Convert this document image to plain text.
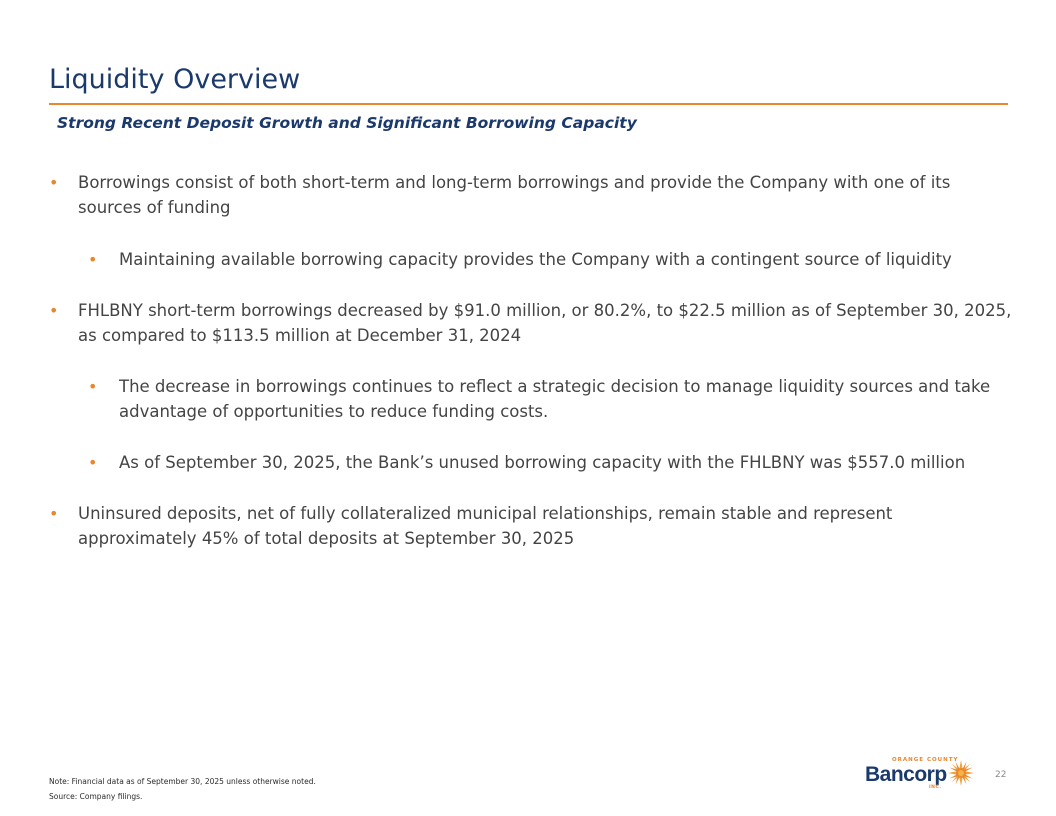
Liquidity Overview

Strong Recent Deposit Growth and Significant Borrowing Capacity

• Borrowings consist of both short-term and long-term borrowings and provide the Company with one of its sources of funding
• Maintaining available borrowing capacity provides the Company with a contingent source of liquidity
• FHLBNY short-term borrowings decreased by $91.0 million, or 80.2%, to $22.5 million as of September 30, 2025, as compared to $113.5 million at December 31, 2024
• The decrease in borrowings continues to reflect a strategic decision to manage liquidity sources and take advantage of opportunities to reduce funding costs.
• As of September 30, 2025, the Bank’s unused borrowing capacity with the FHLBNY was $557.0 million
• Uninsured deposits, net of fully collateralized municipal relationships, remain stable and represent approximately 45% of total deposits at September 30, 2025

Note: Financial data as of September 30, 2025 unless otherwise noted.

Source: Company filings.

ORANGE COUNTY
Bancorp
INC.
22
